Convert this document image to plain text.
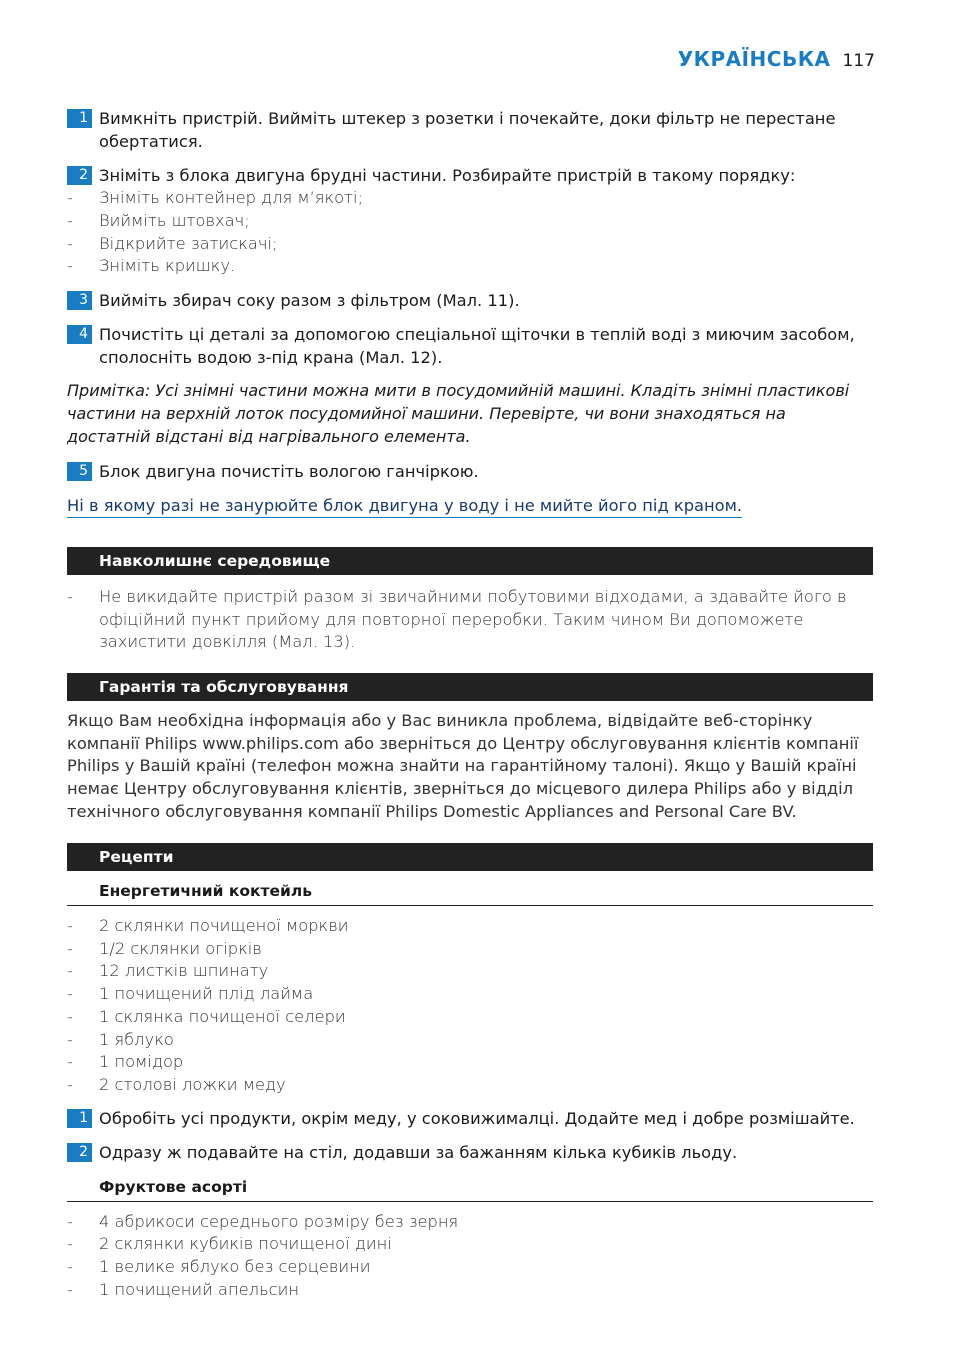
УКРАЇНСЬКА 117
1 Вимкніть пристрій. Вийміть штекер з розетки і почекайте, доки фільтр не перестане обертатися.
2 Зніміть з блока двигуна брудні частини. Розбирайте пристрій в такому порядку:
- Зніміть контейнер для м’якоті;
- Вийміть штовхач;
- Відкрийте затискачі;
- Зніміть кришку.
3 Вийміть збирач соку разом з фільтром (Мал. 11).
4 Почистіть ці деталі за допомогою спеціальної щіточки в теплій воді з миючим засобом, сполосніть водою з-під крана (Мал. 12).
Примітка: Усі знімні частини можна мити в посудомийній машині. Кладіть знімні пластикові частини на верхній лоток посудомийної машини. Перевірте, чи вони знаходяться на достатній відстані від нагрівального елемента.
5 Блок двигуна почистіть вологою ганчіркою.
Ні в якому разі не занурюйте блок двигуна у воду і не мийте його під краном.
Навколишнє середовище
- Не викидайте пристрій разом зі звичайними побутовими відходами, а здавайте його в офіційний пункт прийому для повторної переробки. Таким чином Ви допоможете захистити довкілля (Мал. 13).
Гарантія та обслуговування
Якщо Вам необхідна інформація або у Вас виникла проблема, відвідайте веб-сторінку компанії Philips www.philips.com або зверніться до Центру обслуговування клієнтів компанії Philips у Вашій країні (телефон можна знайти на гарантійному талоні). Якщо у Вашій країні немає Центру обслуговування клієнтів, зверніться до місцевого дилера Philips або у відділ технічного обслуговування компанії Philips Domestic Appliances and Personal Care BV.
Рецепти
Енергетичний коктейль
- 2 склянки почищеної моркви
- 1/2 склянки огірків
- 12 листків шпинату
- 1 почищений плід лайма
- 1 склянка почищеної селери
- 1 яблуко
- 1 помідор
- 2 столові ложки меду
1 Обробіть усі продукти, окрім меду, у соковижималці. Додайте мед і добре розмішайте.
2 Одразу ж подавайте на стіл, додавши за бажанням кілька кубиків льоду.
Фруктове асорті
- 4 абрикоси середнього розміру без зерня
- 2 склянки кубиків почищеної дині
- 1 велике яблуко без серцевини
- 1 почищений апельсин
